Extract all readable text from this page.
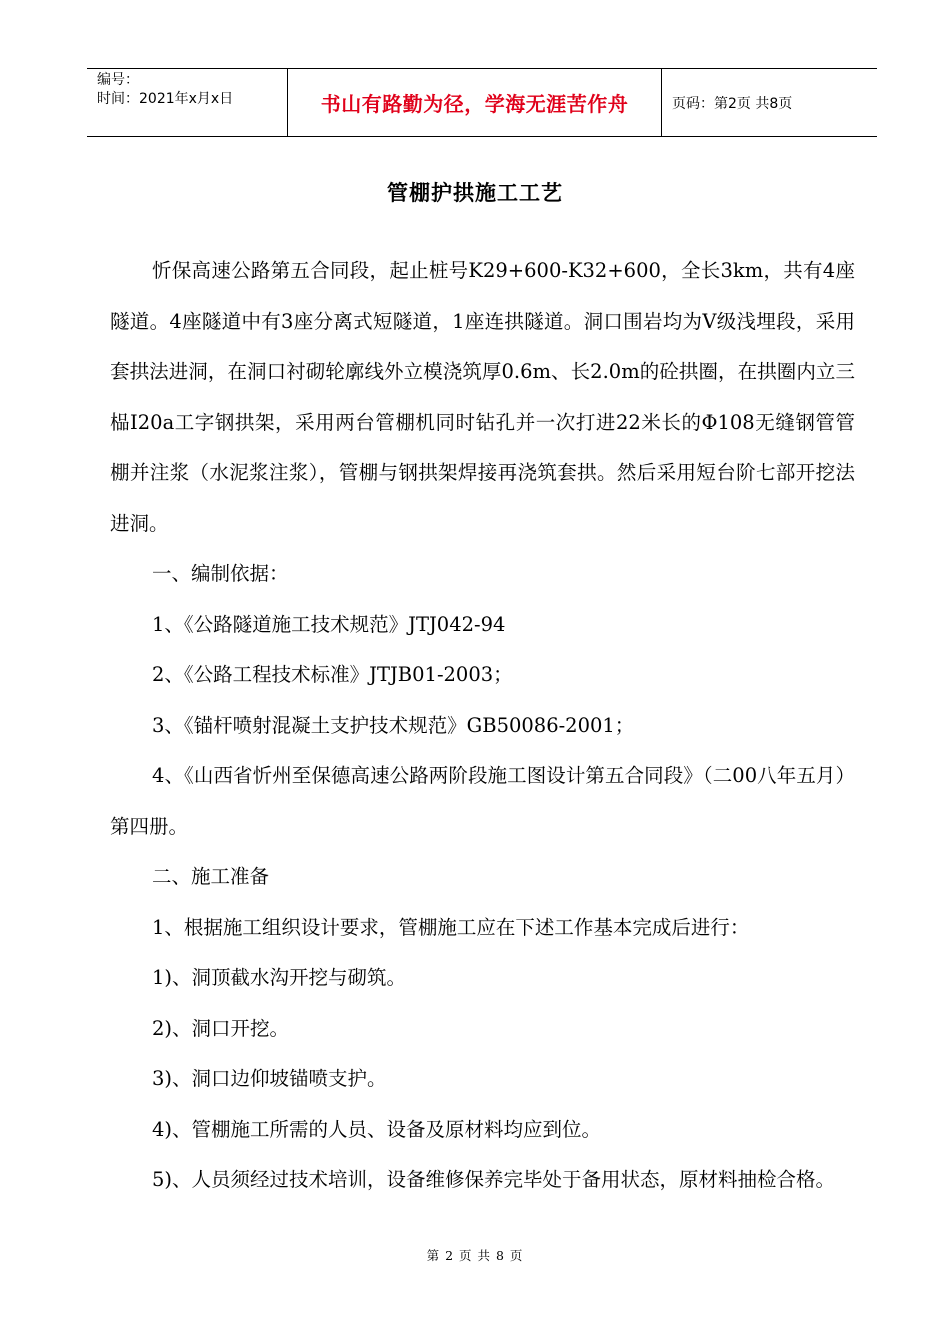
编号：
时间：2021年x月x日	书山有路勤为径，学海无涯苦作舟	页码：第2页 共8页
管棚护拱施工工艺

忻保高速公路第五合同段，起止桩号K29+600-K32+600，全长3km，共有4座隧道。4座隧道中有3座分离式短隧道，1座连拱隧道。洞口围岩均为Ⅴ级浅埋段，采用套拱法进洞，在洞口衬砌轮廓线外立模浇筑厚0.6m、长2.0m的砼拱圈，在拱圈内立三榀I20a工字钢拱架，采用两台管棚机同时钻孔并一次打进22米长的Φ108无缝钢管管棚并注浆（水泥浆注浆），管棚与钢拱架焊接再浇筑套拱。然后采用短台阶七部开挖法进洞。

一、编制依据：

1、《公路隧道施工技术规范》JTJ042-94

2、《公路工程技术标准》JTJB01-2003；

3、《锚杆喷射混凝土支护技术规范》GB50086-2001；

4、《山西省忻州至保德高速公路两阶段施工图设计第五合同段》（二00八年五月）第四册。

二、施工准备

1、根据施工组织设计要求，管棚施工应在下述工作基本完成后进行：

1)、洞顶截水沟开挖与砌筑。

2)、洞口开挖。

3)、洞口边仰坡锚喷支护。

4)、管棚施工所需的人员、设备及原材料均应到位。

5)、人员须经过技术培训，设备维修保养完毕处于备用状态，原材料抽检合格。

第 2 页 共 8 页
